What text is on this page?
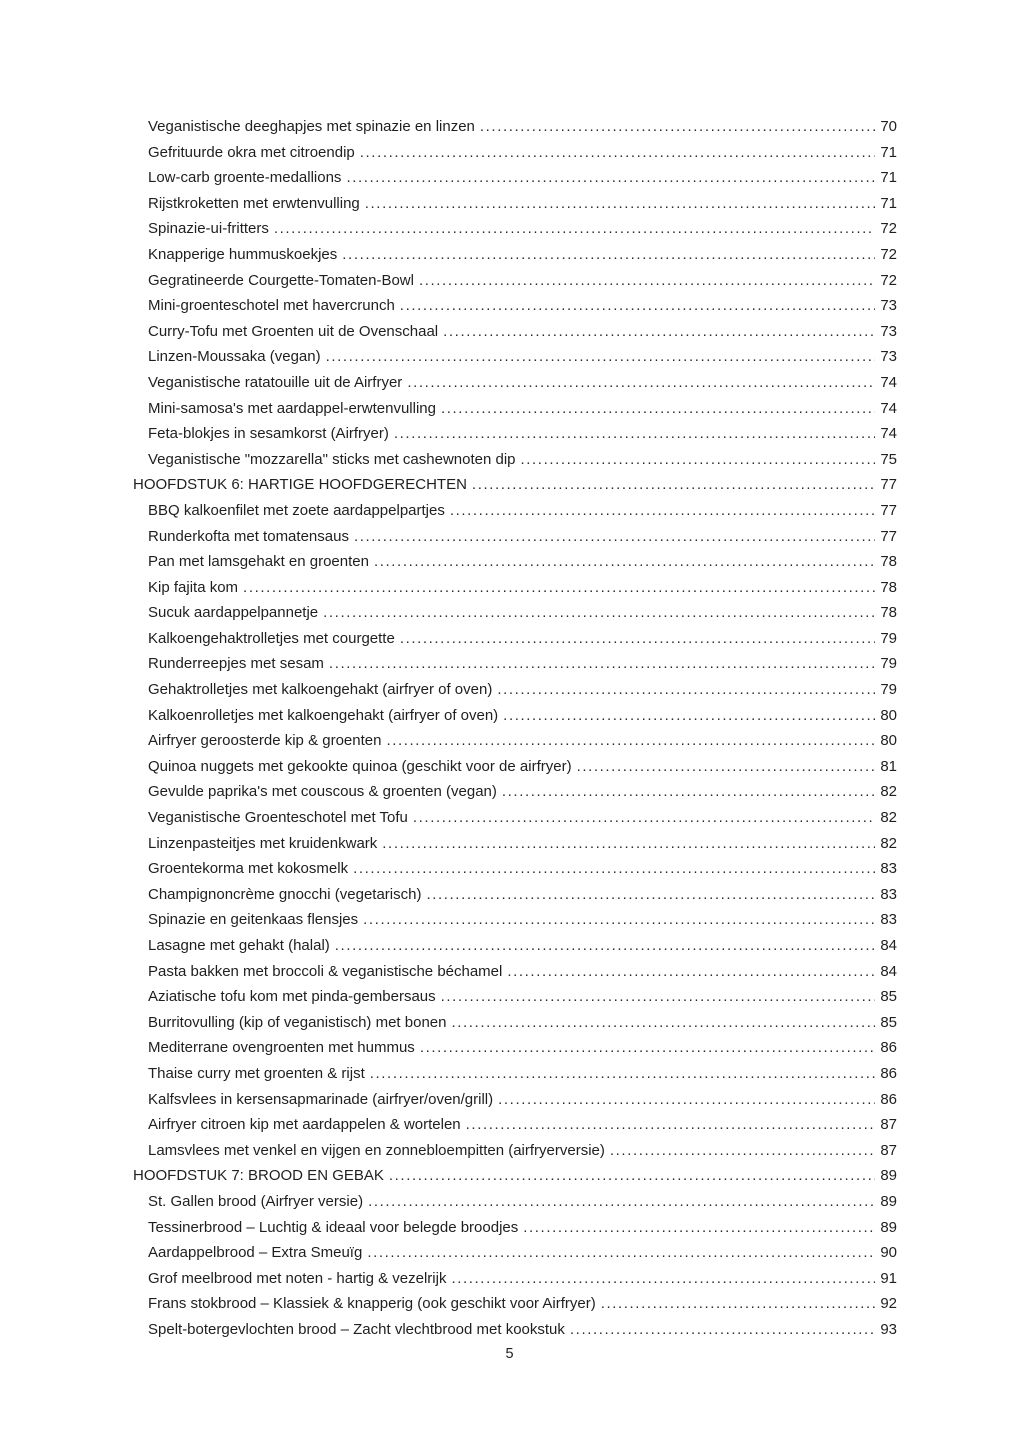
Veganistische deeghapjes met spinazie en linzen .....	70
Gefrituurde okra met citroendip .....	71
Low-carb groente-medallions .....	71
Rijstkroketten met erwtenvulling .....	71
Spinazie-ui-fritters .....	72
Knapperige hummuskoekjes .....	72
Gegratineerde Courgette-Tomaten-Bowl .....	72
Mini-groenteschotel met havercrunch .....	73
Curry-Tofu met Groenten uit de Ovenschaal .....	73
Linzen-Moussaka (vegan) .....	73
Veganistische ratatouille uit de Airfryer .....	74
Mini-samosa's met aardappel-erwtenvulling .....	74
Feta-blokjes in sesamkorst (Airfryer) .....	74
Veganistische "mozzarella" sticks met cashewnoten dip .....	75
HOOFDSTUK 6: HARTIGE HOOFDGERECHTEN .....	77
BBQ kalkoenfilet met zoete aardappelpartjes .....	77
Runderkofta met tomatensaus .....	77
Pan met lamsgehakt en groenten .....	78
Kip fajita kom .....	78
Sucuk aardappelpannetje .....	78
Kalkoengehaktrolletjes met courgette .....	79
Runderreepjes met sesam .....	79
Gehaktrolletjes met kalkoengehakt (airfryer of oven) .....	79
Kalkoenrolletjes met kalkoengehakt (airfryer of oven) .....	80
Airfryer geroosterde kip & groenten .....	80
Quinoa nuggets met gekookte quinoa (geschikt voor de airfryer) .....	81
Gevulde paprika's met couscous & groenten (vegan) .....	82
Veganistische Groenteschotel met Tofu .....	82
Linzenpasteitjes met kruidenkwark .....	82
Groentekorma met kokosmelk .....	83
Champignoncrème gnocchi (vegetarisch) .....	83
Spinazie en geitenkaas flensjes .....	83
Lasagne met gehakt (halal) .....	84
Pasta bakken met broccoli & veganistische béchamel .....	84
Aziatische tofu kom met pinda-gembersaus .....	85
Burritovulling (kip of veganistisch) met bonen .....	85
Mediterrane ovengroenten met hummus .....	86
Thaise curry met groenten & rijst .....	86
Kalfsvlees in kersensapmarinade (airfryer/oven/grill) .....	86
Airfryer citroen kip met aardappelen & wortelen .....	87
Lamsvlees met venkel en vijgen en zonnebloempitten (airfryerversie) .....	87
HOOFDSTUK 7: BROOD EN GEBAK .....	89
St. Gallen brood (Airfryer versie) .....	89
Tessinerbrood – Luchtig & ideaal voor belegde broodjes .....	89
Aardappelbrood – Extra Smeuïg .....	90
Grof meelbrood met noten - hartig & vezelrijk .....	91
Frans stokbrood – Klassiek & knapperig (ook geschikt voor Airfryer) .....	92
Spelt-botergevlochten brood – Zacht vlechtbrood met kookstuk .....	93
5
